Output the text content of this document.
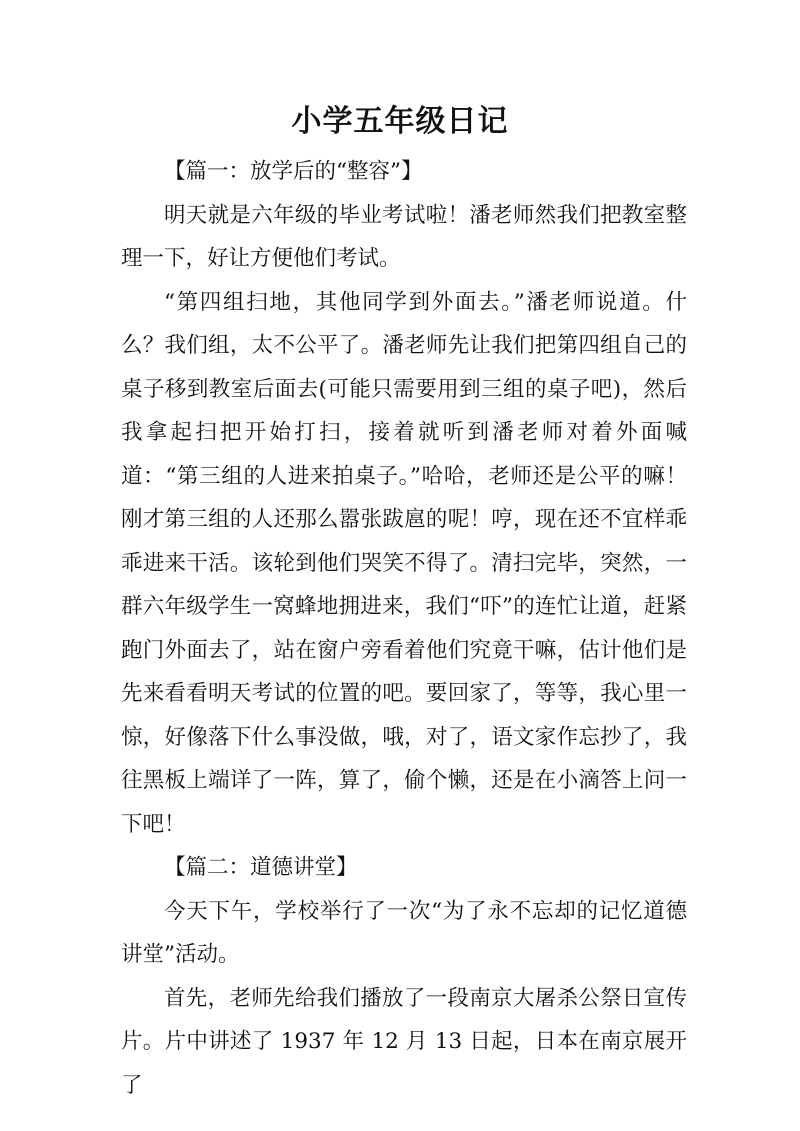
小学五年级日记

【篇一：放学后的“整容”】

明天就是六年级的毕业考试啦！潘老师然我们把教室整理一下，好让方便他们考试。

“第四组扫地，其他同学到外面去。”潘老师说道。什么？我们组，太不公平了。潘老师先让我们把第四组自己的桌子移到教室后面去(可能只需要用到三组的桌子吧)，然后我拿起扫把开始打扫，接着就听到潘老师对着外面喊道：“第三组的人进来拍桌子。”哈哈，老师还是公平的嘛！刚才第三组的人还那么嚣张跋扈的呢！哼，现在还不宜样乖乖进来干活。该轮到他们哭笑不得了。清扫完毕，突然，一群六年级学生一窝蜂地拥进来，我们“吓”的连忙让道，赶紧跑门外面去了，站在窗户旁看着他们究竟干嘛，估计他们是先来看看明天考试的位置的吧。要回家了，等等，我心里一惊，好像落下什么事没做，哦，对了，语文家作忘抄了，我往黑板上端详了一阵，算了，偷个懒，还是在小滴答上问一下吧！

【篇二：道德讲堂】

今天下午，学校举行了一次“为了永不忘却的记忆道德讲堂”活动。

首先，老师先给我们播放了一段南京大屠杀公祭日宣传片。片中讲述了 1937 年 12 月 13 日起，日本在南京展开了
